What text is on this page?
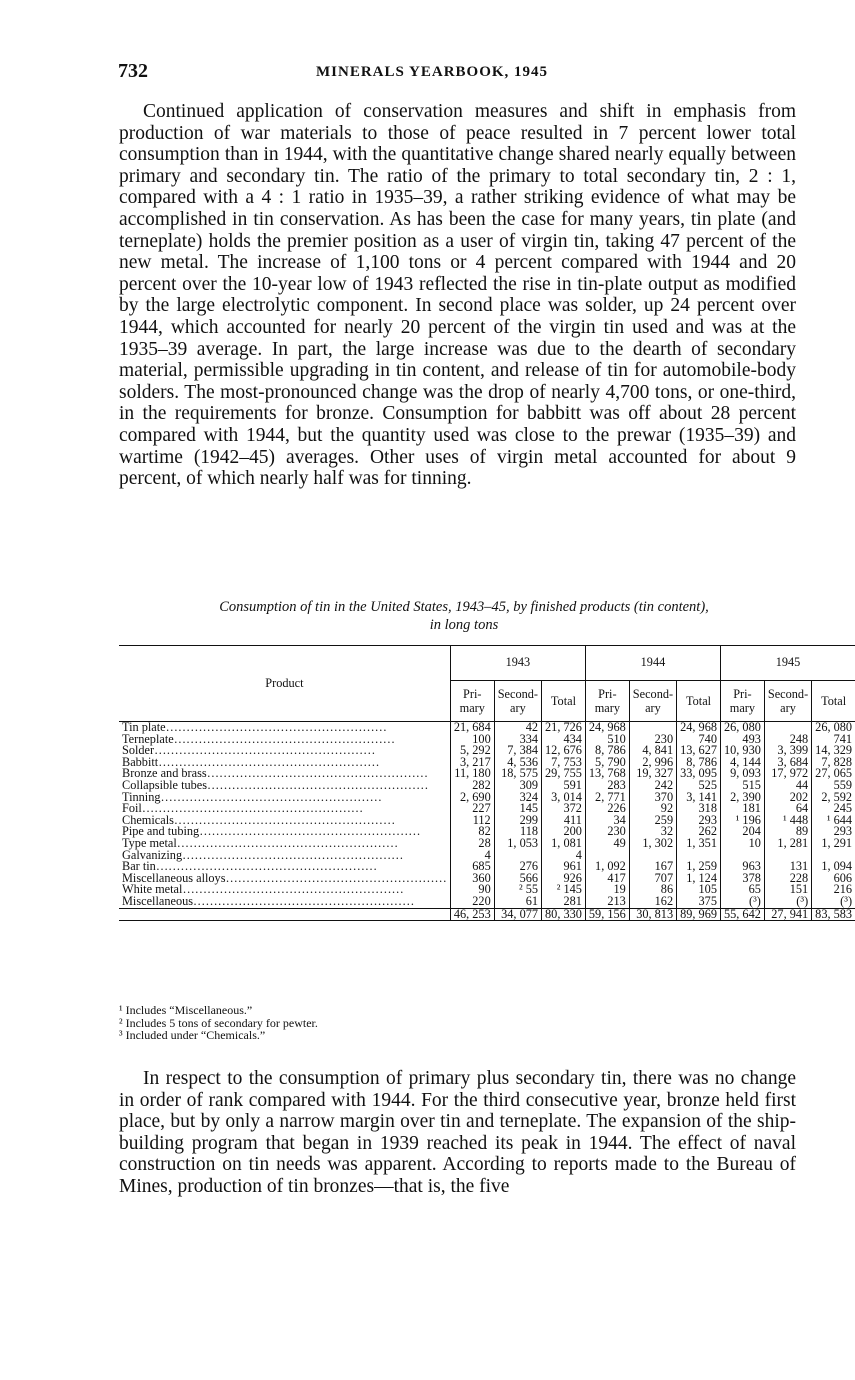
732	MINERALS YEARBOOK, 1945

Continued application of conservation measures and shift in emphasis from production of war materials to those of peace resulted in 7 percent lower total consumption than in 1944, with the quantitative change shared nearly equally between primary and secondary tin. The ratio of the primary to total secondary tin, 2 : 1, compared with a 4 : 1 ratio in 1935–39, a rather striking evidence of what may be accomplished in tin conservation. As has been the case for many years, tin plate (and terneplate) holds the premier position as a user of virgin tin, taking 47 percent of the new metal. The increase of 1,100 tons or 4 percent compared with 1944 and 20 percent over the 10-year low of 1943 reflected the rise in tin-plate output as modified by the large electrolytic component. In second place was solder, up 24 percent over 1944, which accounted for nearly 20 percent of the virgin tin used and was at the 1935–39 average. In part, the large increase was due to the dearth of secondary material, permissible upgrading in tin content, and release of tin for automobile-body solders. The most-pronounced change was the drop of nearly 4,700 tons, or one-third, in the requirements for bronze. Consumption for babbitt was off about 28 percent compared with 1944, but the quantity used was close to the prewar (1935–39) and wartime (1942–45) averages. Other uses of virgin metal accounted for about 9 percent, of which nearly half was for tinning.

Consumption of tin in the United States, 1943–45, by finished products (tin content),
in long tons
Product	1943			1944			1945		
	Pri-mary	Second-ary	Total	Pri-mary	Second-ary	Total	Pri-mary	Second-ary	Total
Tin plate………………………………………………	21, 684	42	21, 726	24, 968		24, 968	26, 080		26, 080
Terneplate………………………………………………	100	334	434	510	230	740	493	248	741
Solder………………………………………………	5, 292	7, 384	12, 676	8, 786	4, 841	13, 627	10, 930	3, 399	14, 329
Babbitt………………………………………………	3, 217	4, 536	7, 753	5, 790	2, 996	8, 786	4, 144	3, 684	7, 828
Bronze and brass………………………………………………	11, 180	18, 575	29, 755	13, 768	19, 327	33, 095	9, 093	17, 972	27, 065
Collapsible tubes………………………………………………	282	309	591	283	242	525	515	44	559
Tinning………………………………………………	2, 690	324	3, 014	2, 771	370	3, 141	2, 390	202	2, 592
Foil………………………………………………	227	145	372	226	92	318	181	64	245
Chemicals………………………………………………	112	299	411	34	259	293	¹ 196	¹ 448	¹ 644
Pipe and tubing………………………………………………	82	118	200	230	32	262	204	89	293
Type metal………………………………………………	28	1, 053	1, 081	49	1, 302	1, 351	10	1, 281	1, 291
Galvanizing………………………………………………	4		4						
Bar tin………………………………………………	685	276	961	1, 092	167	1, 259	963	131	1, 094
Miscellaneous alloys………………………………………………	360	566	926	417	707	1, 124	378	228	606
White metal………………………………………………	90	² 55	² 145	19	86	105	65	151	216
Miscellaneous………………………………………………	220	61	281	213	162	375	(³)	(³)	(³)
	46, 253	34, 077	80, 330	59, 156	30, 813	89, 969	55, 642	27, 941	83, 583
¹ Includes “Miscellaneous.”
² Includes 5 tons of secondary for pewter.
³ Included under “Chemicals.”

In respect to the consumption of primary plus secondary tin, there was no change in order of rank compared with 1944. For the third consecutive year, bronze held first place, but by only a narrow margin over tin and terneplate. The expansion of the ship-building program that began in 1939 reached its peak in 1944. The effect of naval construction on tin needs was apparent. According to reports made to the Bureau of Mines, production of tin bronzes—that is, the five
